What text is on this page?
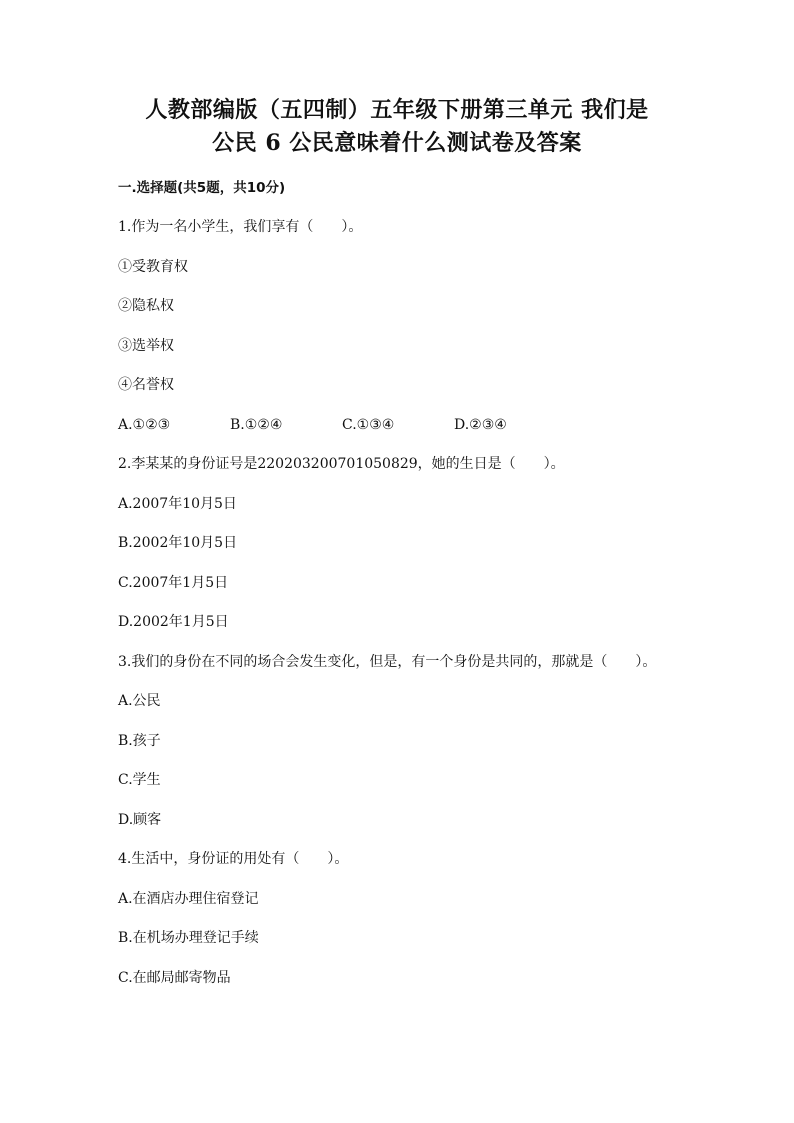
人教部编版（五四制）五年级下册第三单元 我们是
公民 6 公民意味着什么测试卷及答案
一.选择题(共5题，共10分)
1.作为一名小学生，我们享有（　　）。
①受教育权
②隐私权
③选举权
④名誉权
A.①②③	B.①②④	C.①③④	D.②③④
2.李某某的身份证号是220203200701050829，她的生日是（　　）。
A.2007年10月5日
B.2002年10月5日
C.2007年1月5日
D.2002年1月5日
3.我们的身份在不同的场合会发生变化，但是，有一个身份是共同的，那就是（　　）。
A.公民
B.孩子
C.学生
D.顾客
4.生活中，身份证的用处有（　　）。
A.在酒店办理住宿登记
B.在机场办理登记手续
C.在邮局邮寄物品
